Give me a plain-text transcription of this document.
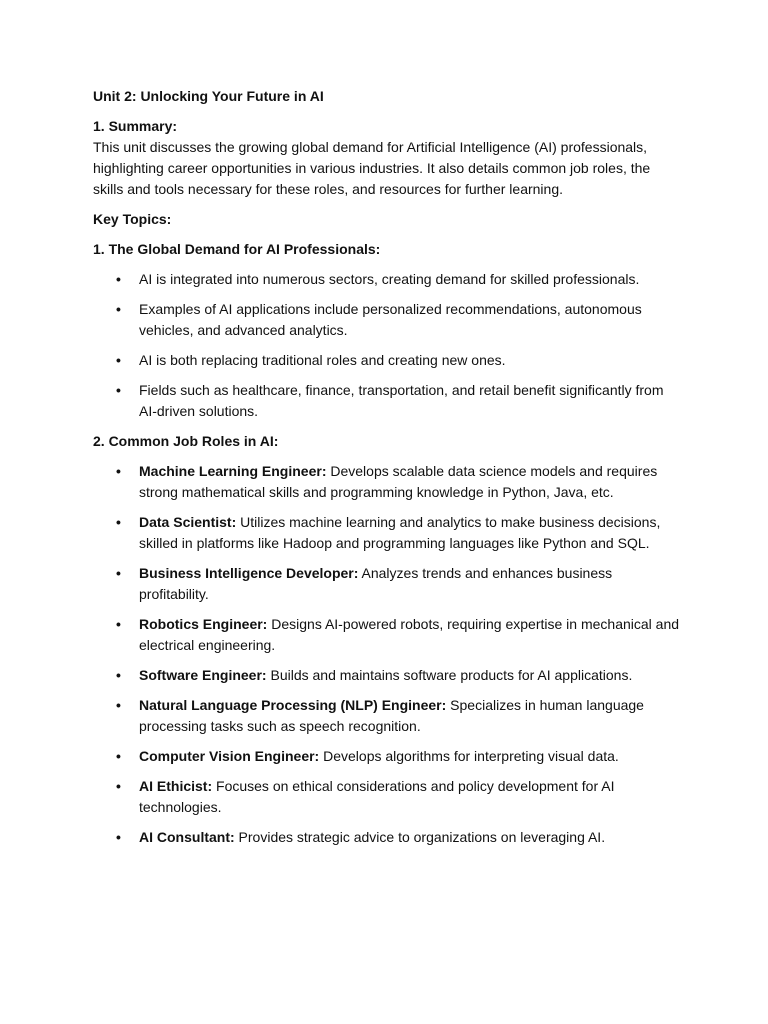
Unit 2: Unlocking Your Future in AI

1. Summary:

This unit discusses the growing global demand for Artificial Intelligence (AI) professionals, highlighting career opportunities in various industries. It also details common job roles, the skills and tools necessary for these roles, and resources for further learning.

Key Topics:

1. The Global Demand for AI Professionals:

• AI is integrated into numerous sectors, creating demand for skilled professionals.
• Examples of AI applications include personalized recommendations, autonomous vehicles, and advanced analytics.
• AI is both replacing traditional roles and creating new ones.
• Fields such as healthcare, finance, transportation, and retail benefit significantly from AI-driven solutions.

2. Common Job Roles in AI:

• Machine Learning Engineer: Develops scalable data science models and requires strong mathematical skills and programming knowledge in Python, Java, etc.
• Data Scientist: Utilizes machine learning and analytics to make business decisions, skilled in platforms like Hadoop and programming languages like Python and SQL.
• Business Intelligence Developer: Analyzes trends and enhances business profitability.
• Robotics Engineer: Designs AI-powered robots, requiring expertise in mechanical and electrical engineering.
• Software Engineer: Builds and maintains software products for AI applications.
• Natural Language Processing (NLP) Engineer: Specializes in human language processing tasks such as speech recognition.
• Computer Vision Engineer: Develops algorithms for interpreting visual data.
• AI Ethicist: Focuses on ethical considerations and policy development for AI technologies.
• AI Consultant: Provides strategic advice to organizations on leveraging AI.
